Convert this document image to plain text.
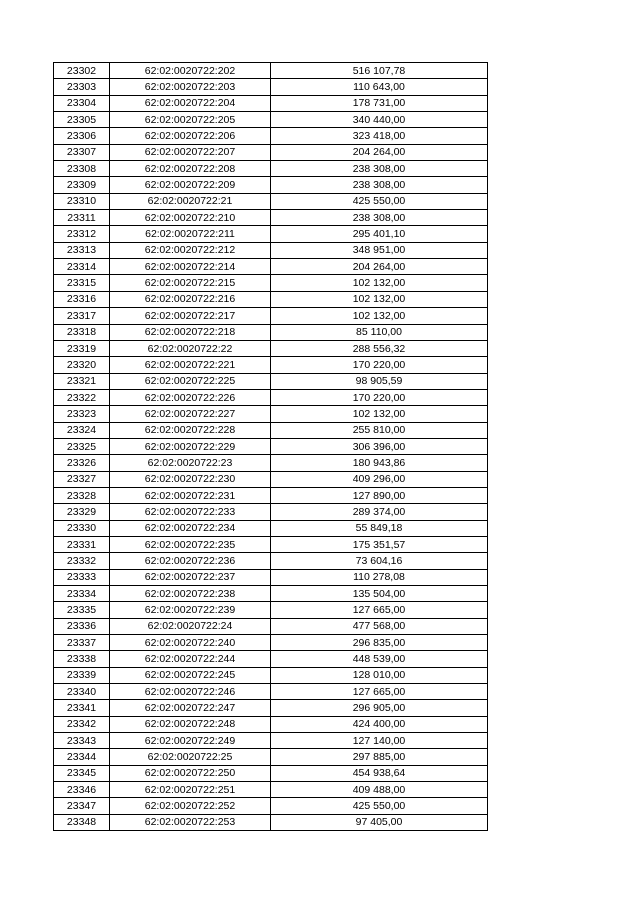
23302	62:02:0020722:202	516 107,78
23303	62:02:0020722:203	110 643,00
23304	62:02:0020722:204	178 731,00
23305	62:02:0020722:205	340 440,00
23306	62:02:0020722:206	323 418,00
23307	62:02:0020722:207	204 264,00
23308	62:02:0020722:208	238 308,00
23309	62:02:0020722:209	238 308,00
23310	62:02:0020722:21	425 550,00
23311	62:02:0020722:210	238 308,00
23312	62:02:0020722:211	295 401,10
23313	62:02:0020722:212	348 951,00
23314	62:02:0020722:214	204 264,00
23315	62:02:0020722:215	102 132,00
23316	62:02:0020722:216	102 132,00
23317	62:02:0020722:217	102 132,00
23318	62:02:0020722:218	85 110,00
23319	62:02:0020722:22	288 556,32
23320	62:02:0020722:221	170 220,00
23321	62:02:0020722:225	98 905,59
23322	62:02:0020722:226	170 220,00
23323	62:02:0020722:227	102 132,00
23324	62:02:0020722:228	255 810,00
23325	62:02:0020722:229	306 396,00
23326	62:02:0020722:23	180 943,86
23327	62:02:0020722:230	409 296,00
23328	62:02:0020722:231	127 890,00
23329	62:02:0020722:233	289 374,00
23330	62:02:0020722:234	55 849,18
23331	62:02:0020722:235	175 351,57
23332	62:02:0020722:236	73 604,16
23333	62:02:0020722:237	110 278,08
23334	62:02:0020722:238	135 504,00
23335	62:02:0020722:239	127 665,00
23336	62:02:0020722:24	477 568,00
23337	62:02:0020722:240	296 835,00
23338	62:02:0020722:244	448 539,00
23339	62:02:0020722:245	128 010,00
23340	62:02:0020722:246	127 665,00
23341	62:02:0020722:247	296 905,00
23342	62:02:0020722:248	424 400,00
23343	62:02:0020722:249	127 140,00
23344	62:02:0020722:25	297 885,00
23345	62:02:0020722:250	454 938,64
23346	62:02:0020722:251	409 488,00
23347	62:02:0020722:252	425 550,00
23348	62:02:0020722:253	97 405,00
